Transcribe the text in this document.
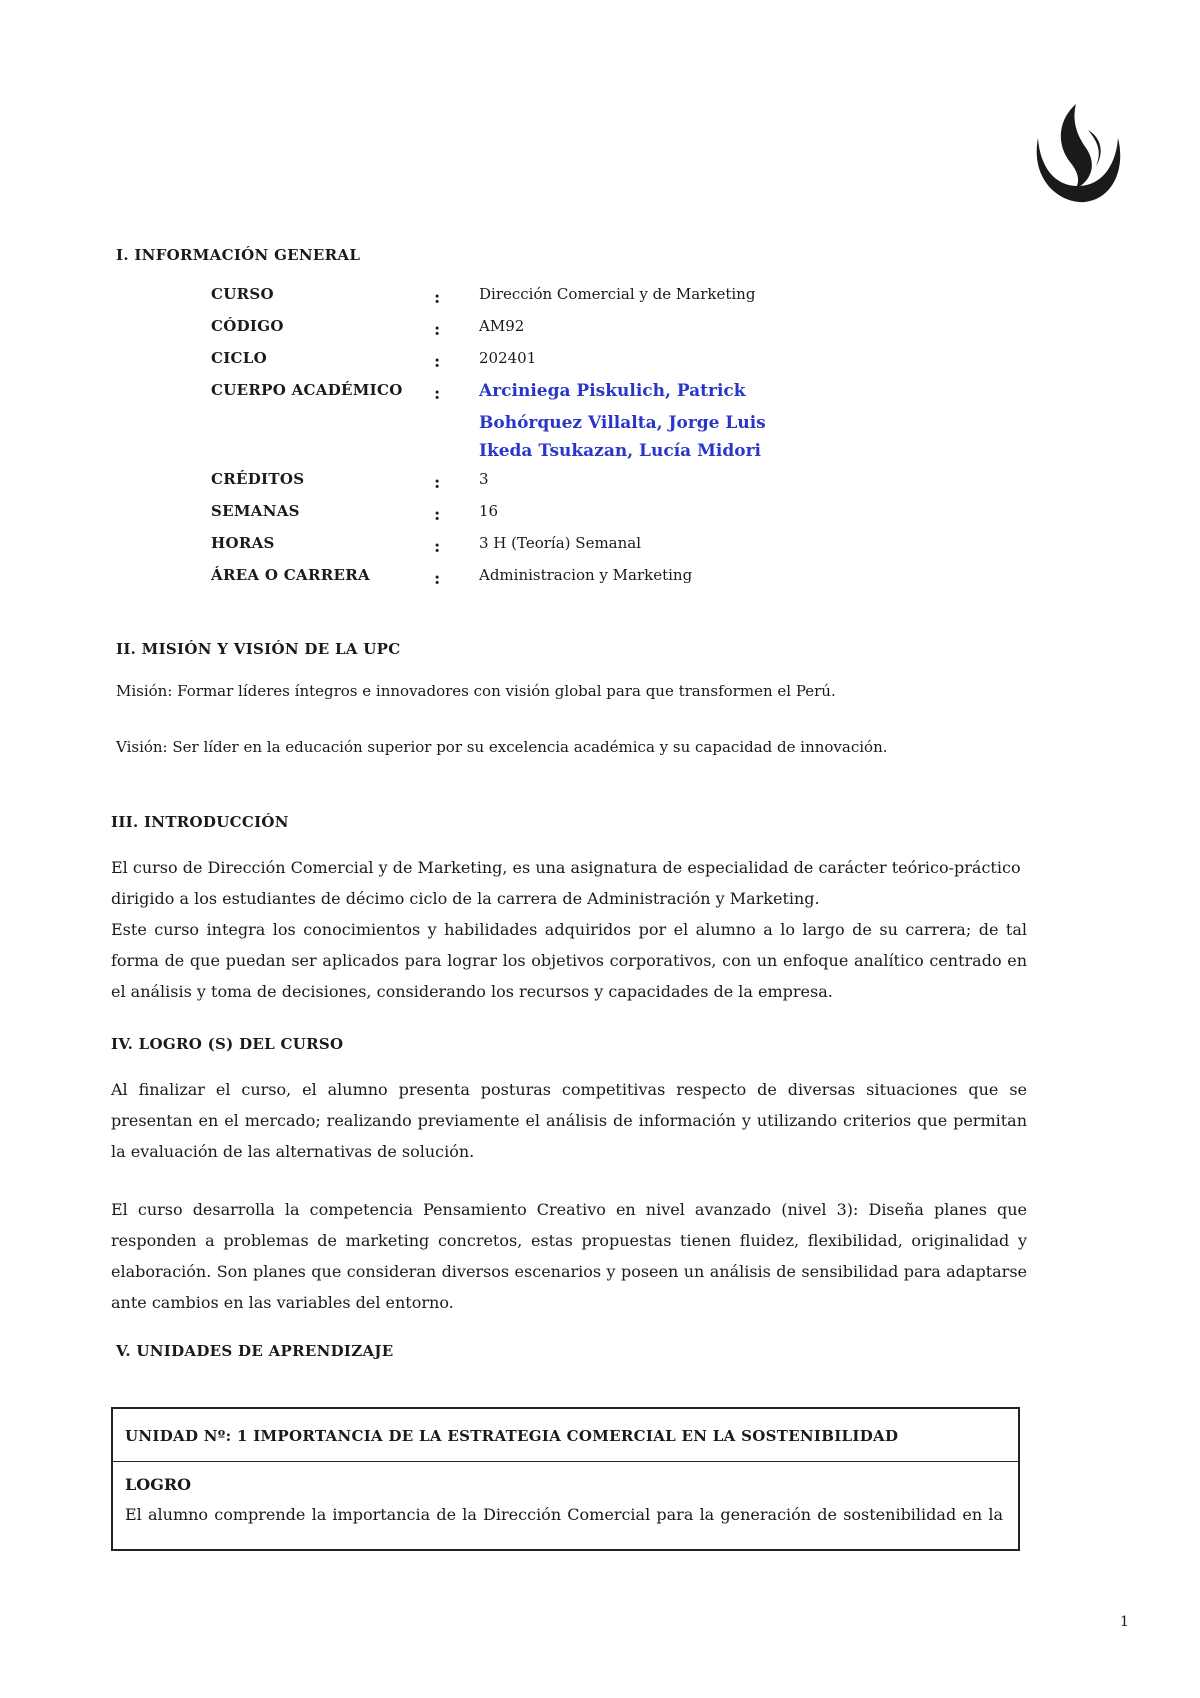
I. INFORMACIÓN GENERAL
CURSO	:	Dirección Comercial y de Marketing
CÓDIGO	:	AM92
CICLO	:	202401
CUERPO ACADÉMICO : Arciniega Piskulich, Patrick
Bohórquez Villalta, Jorge Luis
Ikeda Tsukazan, Lucía Midori
CRÉDITOS	:	3
SEMANAS	:	16
HORAS	:	3 H (Teoría) Semanal
ÁREA O CARRERA	:	Administracion y Marketing
II. MISIÓN Y VISIÓN DE LA UPC

Misión: Formar líderes íntegros e innovadores con visión global para que transformen el Perú.

Visión: Ser líder en la educación superior por su excelencia académica y su capacidad de innovación.

III. INTRODUCCIÓN

El curso de Dirección Comercial y de Marketing, es una asignatura de especialidad de carácter teórico-práctico dirigido a los estudiantes de décimo ciclo de la carrera de Administración y Marketing.

Este curso integra los conocimientos y habilidades adquiridos por el alumno a lo largo de su carrera; de tal forma de que puedan ser aplicados para lograr los objetivos corporativos, con un enfoque analítico centrado en el análisis y toma de decisiones, considerando los recursos y capacidades de la empresa.

IV. LOGRO (S) DEL CURSO

Al finalizar el curso, el alumno presenta posturas competitivas respecto de diversas situaciones que se presentan en el mercado; realizando previamente el análisis de información y utilizando criterios que permitan la evaluación de las alternativas de solución.

El curso desarrolla la competencia Pensamiento Creativo en nivel avanzado (nivel 3): Diseña planes que responden a problemas de marketing concretos, estas propuestas tienen fluidez, flexibilidad, originalidad y elaboración. Son planes que consideran diversos escenarios y poseen un análisis de sensibilidad para adaptarse ante cambios en las variables del entorno.

V. UNIDADES DE APRENDIZAJE
UNIDAD Nº: 1 IMPORTANCIA DE LA ESTRATEGIA COMERCIAL EN LA SOSTENIBILIDAD
LOGRO
El alumno comprende la importancia de la Dirección Comercial para la generación de sostenibilidad en la
1
